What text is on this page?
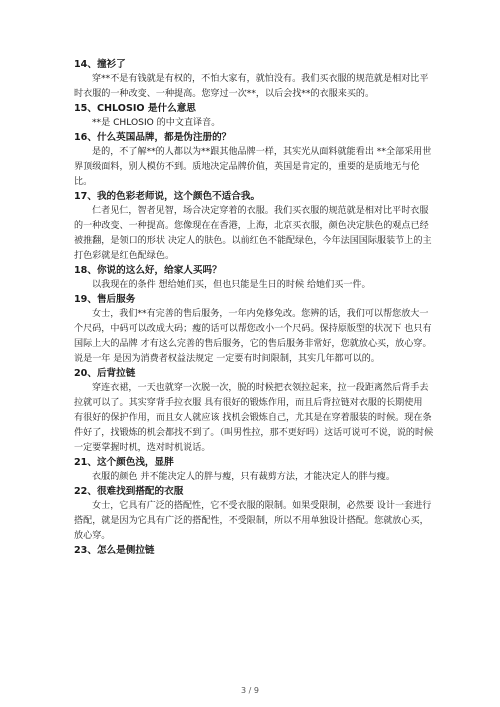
14、撞衫了
穿**不是有钱就是有权的，不怕大家有，就怕没有。我们买衣服的规范就是相对比平时衣服的一种改变、一种提高。您穿过一次**，以后会找**的衣服来买的。
15、CHLOSIO 是什么意思
**是 CHLOSIO 的中文直译音。
16、什么英国品牌，都是伪注册的？
是的，不了解**的人都以为**跟其他品牌一样，其实光从面料就能看出 **全部采用世界顶级面料，别人模仿不到。质地决定品牌价值，英国是肯定的，重要的是质地无与伦比。
17、我的色彩老师说，这个颜色不适合我。
仁者见仁，智者见智，场合决定穿着的衣服。我们买衣服的规范就是相对比平时衣服的一种改变、一种提高。您像现在在香港，上海，北京买衣服，颜色决定肤色的观点已经被推翻，是领口的形状 决定人的肤色。以前红色不能配绿色，今年法国国际服装节上的主打色彩就是红色配绿色。
18、你说的这么好，给家人买吗？
以我现在的条件 想给她们买，但也只能是生日的时候 给她们买一件。
19、售后服务
女士，我们**有完善的售后服务，一年内免修免改。您辨的话，我们可以帮您放大一个尺码，中码可以改成大码；瘦的话可以帮您改小一个尺码。保持原版型的状况下 也只有国际上大的品牌 才有这么完善的售后服务，它的售后服务非常好，您就放心买，放心穿。说是一年 是因为消费者权益法规定 一定要有时间限制，其实几年都可以的。
20、后背拉链
穿连衣裙，一天也就穿一次脱一次，脱的时候把衣领拉起来，拉一段距离然后背手去拉就可以了。其实穿背手拉衣服 具有很好的锻炼作用，而且后背拉链对衣服的长期使用 有很好的保护作用，而且女人就应该 找机会锻炼自己，尤其是在穿着服装的时候。现在条件好了，找锻炼的机会都找不到了。（叫男性拉，那不更好吗）这话可说可不说，说的时候一定要掌握时机，选对时机说话。
21、这个颜色浅，显胖
衣服的颜色 并不能决定人的胖与瘦，只有裁剪方法，才能决定人的胖与瘦。
22、很难找到搭配的衣服
女士，它具有广泛的搭配性，它不受衣服的限制。如果受限制，必然要 设计一套进行搭配，就是因为它具有广泛的搭配性，不受限制，所以不用单独设计搭配。您就放心买，放心穿。
23、怎么是侧拉链
3 / 9
